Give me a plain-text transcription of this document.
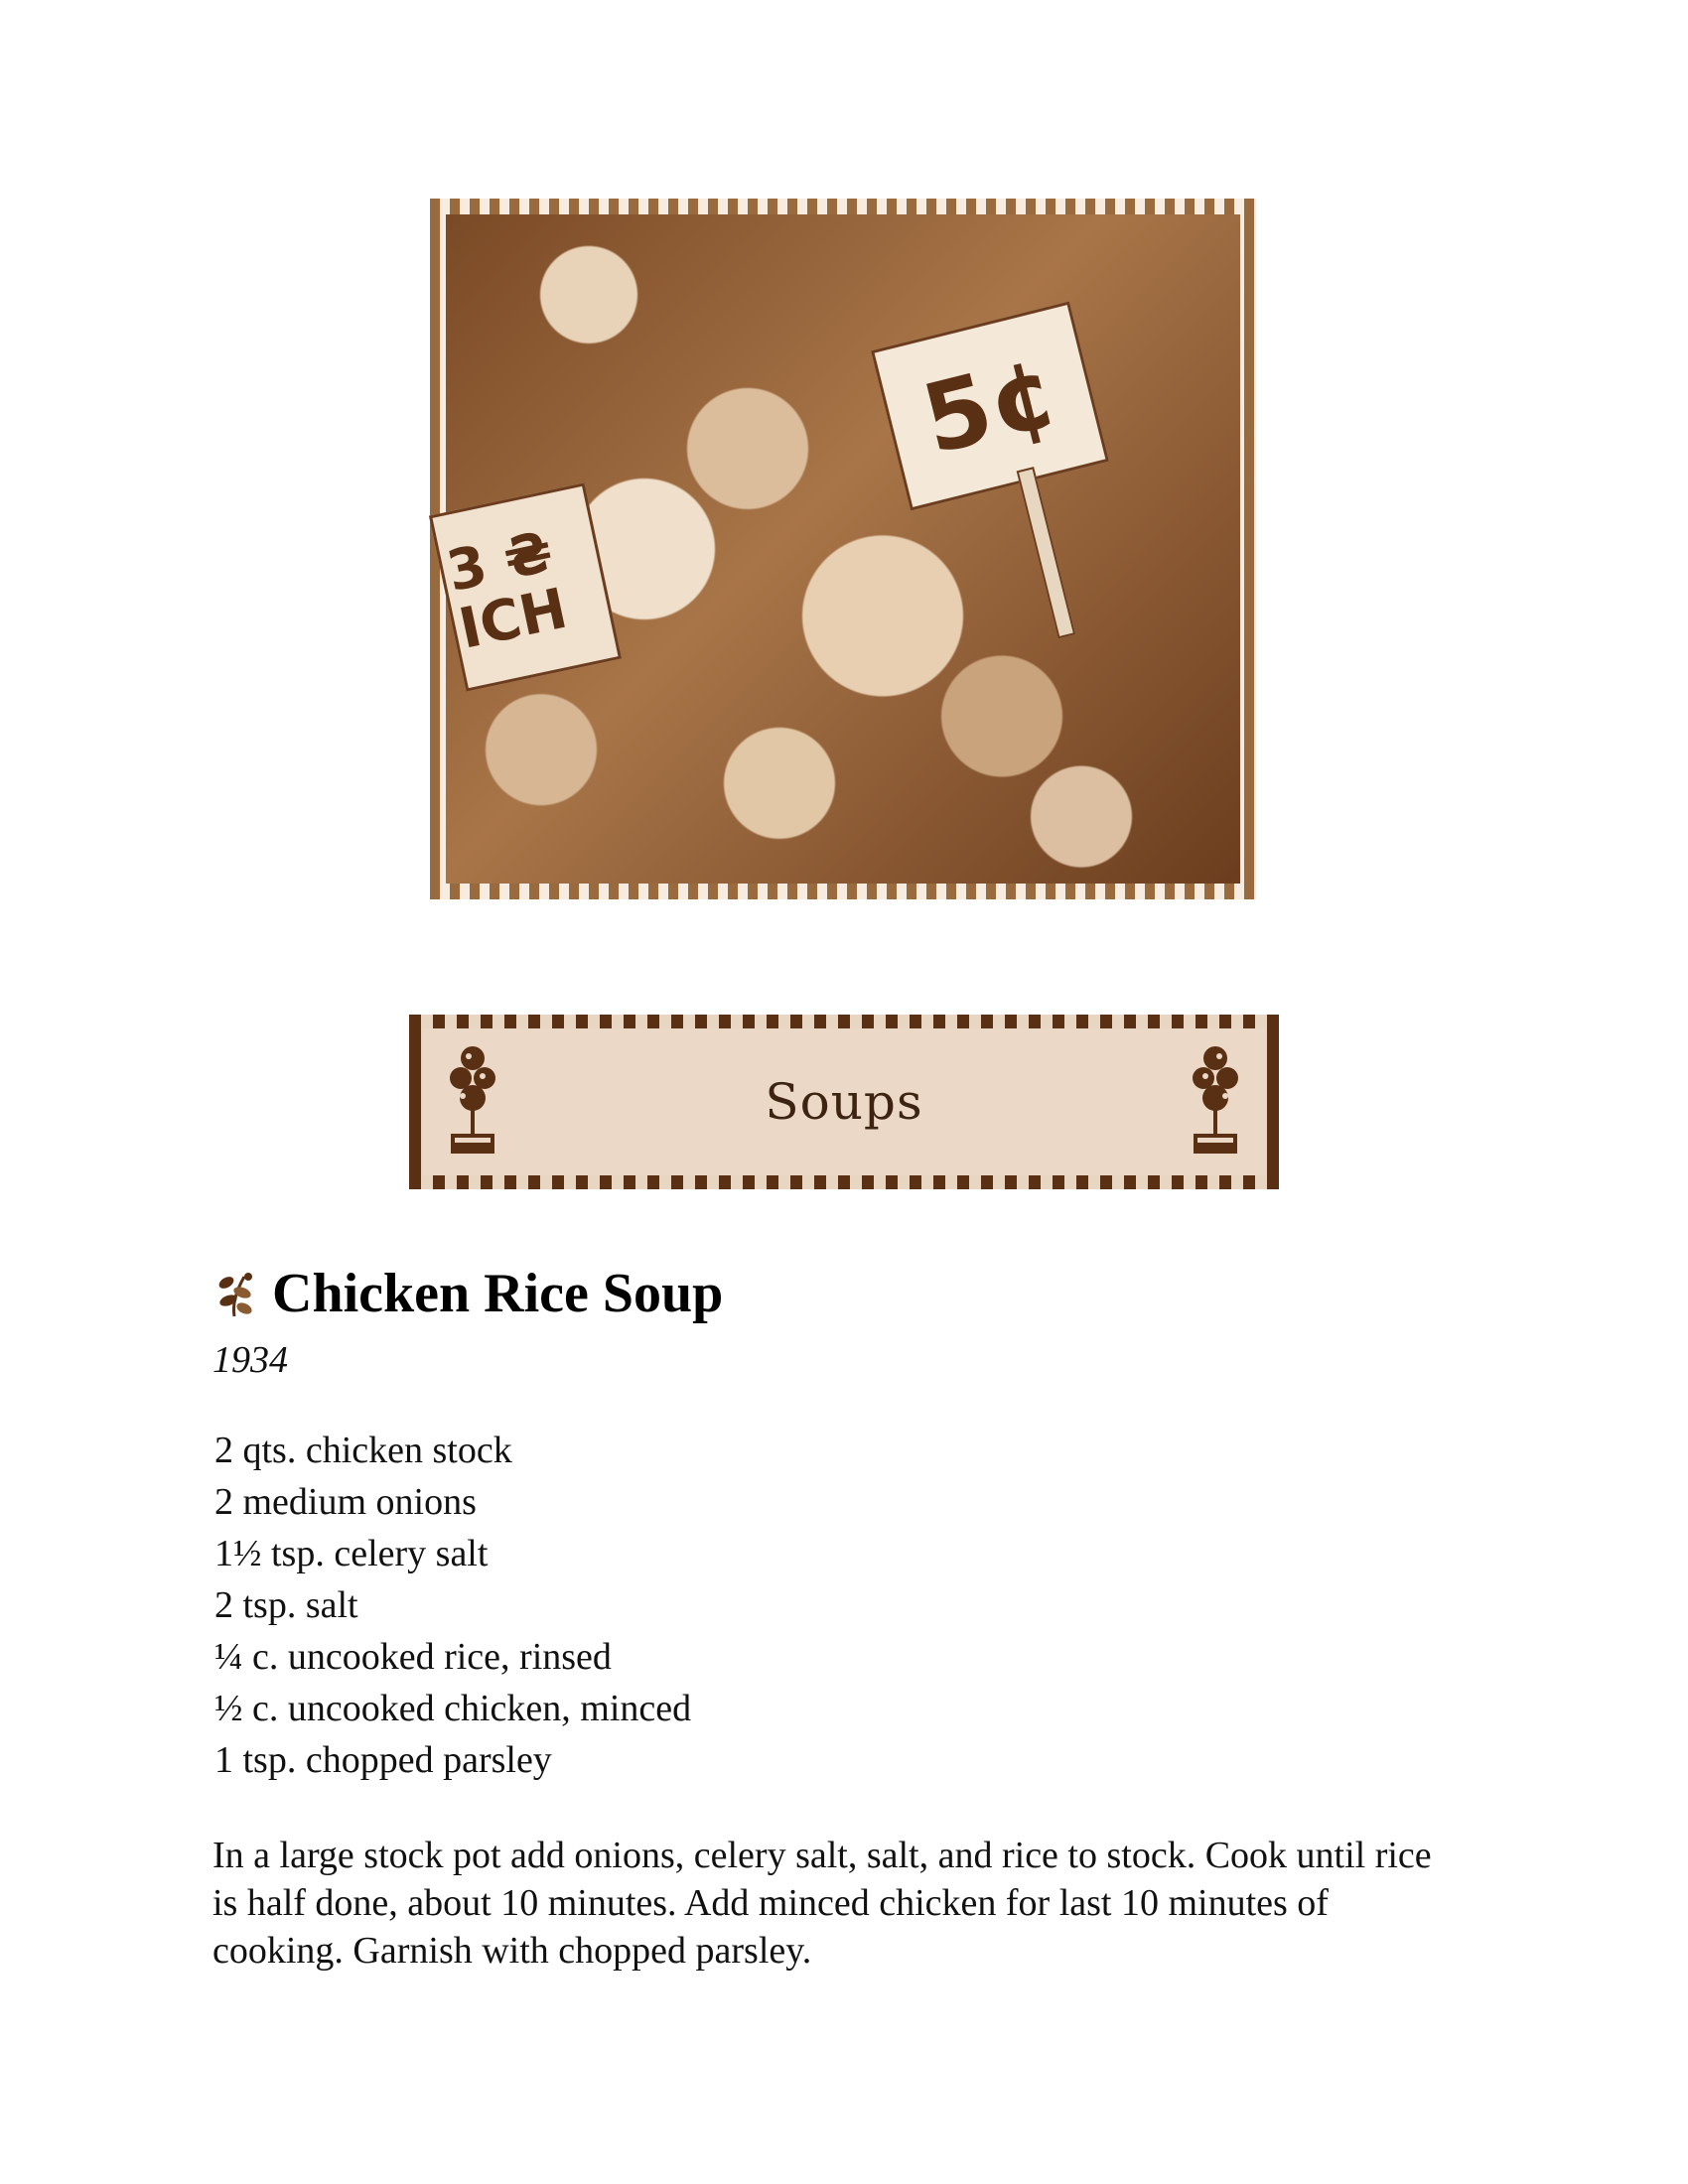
5¢
3 ₴
ICH
Soups
Chicken Rice Soup
1934
2 qts. chicken stock
2 medium onions
1½ tsp. celery salt
2 tsp. salt
¼ c. uncooked rice, rinsed
½ c. uncooked chicken, minced
1 tsp. chopped parsley

In a large stock pot add onions, celery salt, salt, and rice to stock. Cook until rice is half done, about 10 minutes. Add minced chicken for last 10 minutes of cooking. Garnish with chopped parsley.
